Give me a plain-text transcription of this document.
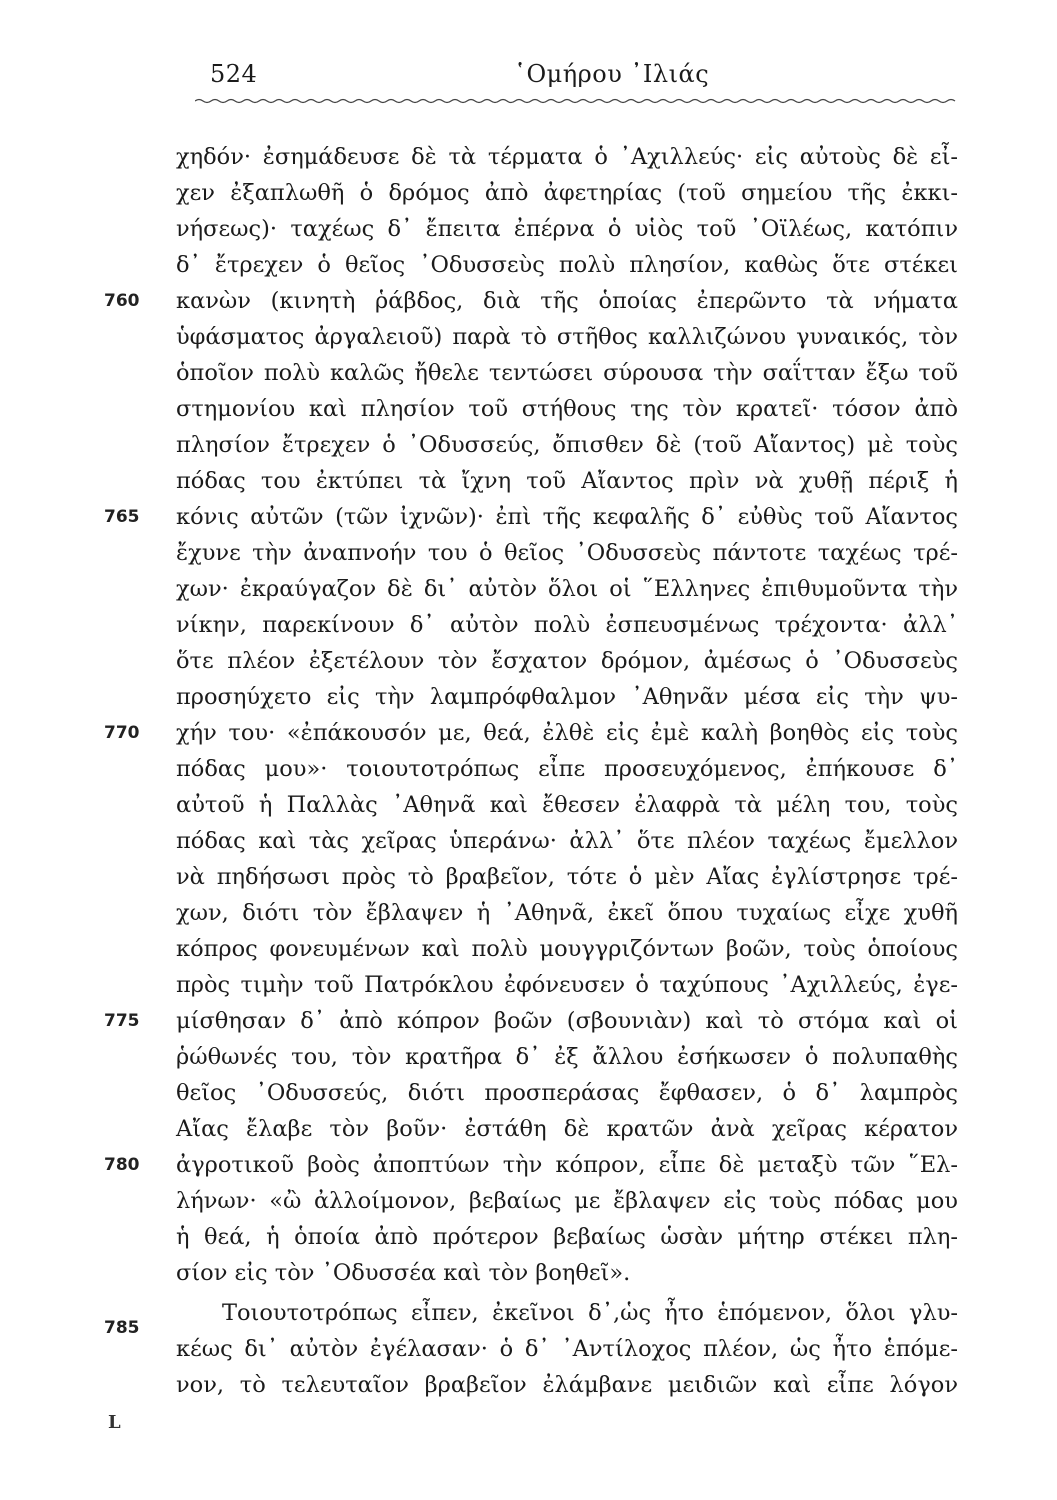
524	῾Ομήρου ᾿Ιλιάς
χηδόν· ἐσημάδευσε δὲ τὰ τέρματα ὁ ᾿Αχιλλεύς· εἰς αὐτοὺς δὲ εἶ-
χεν ἐξαπλωθῆ ὁ δρόμος ἀπὸ ἀφετηρίας (τοῦ σημείου τῆς ἐκκι-
νήσεως)· ταχέως δ᾿ ἔπειτα ἐπέρνα ὁ υἱὸς τοῦ ᾿Οϊλέως, κατόπιν
δ᾿ ἔτρεχεν ὁ θεῖος ᾿Οδυσσεὺς πολὺ πλησίον, καθὼς ὅτε στέκει
κανὼν (κινητὴ ῥάβδος, διὰ τῆς ὁποίας ἐπερῶντο τὰ νήματα
ὑφάσματος ἀργαλειοῦ) παρὰ τὸ στῆθος καλλιζώνου γυναικός, τὸν
ὁποῖον πολὺ καλῶς ἤθελε τεντώσει σύρουσα τὴν σαΐτταν ἔξω τοῦ
στημονίου καὶ πλησίον τοῦ στήθους της τὸν κρατεῖ· τόσον ἀπὸ
πλησίον ἔτρεχεν ὁ ᾿Οδυσσεύς, ὄπισθεν δὲ (τοῦ Αἴαντος) μὲ τοὺς
πόδας του ἐκτύπει τὰ ἴχνη τοῦ Αἴαντος πρὶν νὰ χυθῇ πέριξ ἡ
κόνις αὐτῶν (τῶν ἰχνῶν)· ἐπὶ τῆς κεφαλῆς δ᾿ εὐθὺς τοῦ Αἴαντος
ἔχυνε τὴν ἀναπνοήν του ὁ θεῖος ᾿Οδυσσεὺς πάντοτε ταχέως τρέ-
χων· ἐκραύγαζον δὲ δι᾿ αὐτὸν ὅλοι οἱ ῞Ελληνες ἐπιθυμοῦντα τὴν
νίκην, παρεκίνουν δ᾿ αὐτὸν πολὺ ἐσπευσμένως τρέχοντα· ἀλλ᾿
ὅτε πλέον ἐξετέλουν τὸν ἔσχατον δρόμον, ἀμέσως ὁ ᾿Οδυσσεὺς
προσηύχετο εἰς τὴν λαμπρόφθαλμον ᾿Αθηνᾶν μέσα εἰς τὴν ψυ-
χήν του· «ἐπάκουσόν με, θεά, ἐλθὲ εἰς ἐμὲ καλὴ βοηθὸς εἰς τοὺς
πόδας μου»· τοιουτοτρόπως εἶπε προσευχόμενος, ἐπήκουσε δ᾿
αὐτοῦ ἡ Παλλὰς ᾿Αθηνᾶ καὶ ἔθεσεν ἐλαφρὰ τὰ μέλη του, τοὺς
πόδας καὶ τὰς χεῖρας ὑπεράνω· ἀλλ᾿ ὅτε πλέον ταχέως ἔμελλον
νὰ πηδήσωσι πρὸς τὸ βραβεῖον, τότε ὁ μὲν Αἴας ἐγλίστρησε τρέ-
χων, διότι τὸν ἔβλαψεν ἡ ᾿Αθηνᾶ, ἐκεῖ ὅπου τυχαίως εἶχε χυθῆ
κόπρος φονευμένων καὶ πολὺ μουγγριζόντων βοῶν, τοὺς ὁποίους
πρὸς τιμὴν τοῦ Πατρόκλου ἐφόνευσεν ὁ ταχύπους ᾿Αχιλλεύς, ἐγε-
μίσθησαν δ᾿ ἀπὸ κόπρον βοῶν (σβουνιὰν) καὶ τὸ στόμα καὶ οἱ
ῥώθωνές του, τὸν κρατῆρα δ᾿ ἐξ ἄλλου ἐσήκωσεν ὁ πολυπαθὴς
θεῖος ᾿Οδυσσεύς, διότι προσπεράσας ἔφθασεν, ὁ δ᾿ λαμπρὸς
Αἴας ἔλαβε τὸν βοῦν· ἐστάθη δὲ κρατῶν ἀνὰ χεῖρας κέρατον
ἀγροτικοῦ βοὸς ἀποπτύων τὴν κόπρον, εἶπε δὲ μεταξὺ τῶν ῞Ελ-
λήνων· «ὢ ἀλλοίμονον, βεβαίως με ἔβλαψεν εἰς τοὺς πόδας μου
ἡ θεά, ἡ ὁποία ἀπὸ πρότερον βεβαίως ὡσὰν μήτηρ στέκει πλη-
σίον εἰς τὸν ᾿Οδυσσέα καὶ τὸν βοηθεῖ».
Τοιουτοτρόπως εἶπεν, ἐκεῖνοι δ᾿,ὡς ἦτο ἑπόμενον, ὅλοι γλυ-
κέως δι᾿ αὐτὸν ἐγέλασαν· ὁ δ᾿ ᾿Αντίλοχος πλέον, ὡς ἦτο ἑπόμε-
νον, τὸ τελευταῖον βραβεῖον ἐλάμβανε μειδιῶν καὶ εἶπε λόγον
760
765
770
775
780
785
L
